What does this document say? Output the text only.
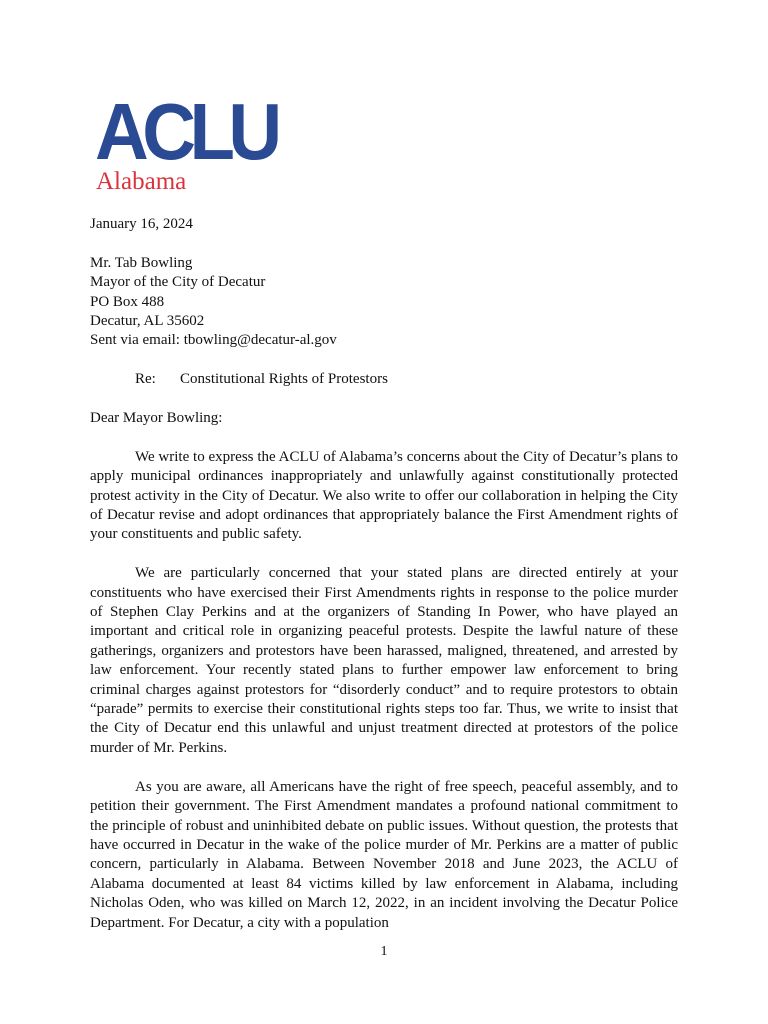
ACLU
Alabama

January 16, 2024

Mr. Tab Bowling
Mayor of the City of Decatur
PO Box 488
Decatur, AL 35602
Sent via email: tbowling@decatur-al.gov

Re: Constitutional Rights of Protestors

Dear Mayor Bowling:

We write to express the ACLU of Alabama’s concerns about the City of Decatur’s plans to apply municipal ordinances inappropriately and unlawfully against constitutionally protected protest activity in the City of Decatur. We also write to offer our collaboration in helping the City of Decatur revise and adopt ordinances that appropriately balance the First Amendment rights of your constituents and public safety.

We are particularly concerned that your stated plans are directed entirely at your constituents who have exercised their First Amendments rights in response to the police murder of Stephen Clay Perkins and at the organizers of Standing In Power, who have played an important and critical role in organizing peaceful protests. Despite the lawful nature of these gatherings, organizers and protestors have been harassed, maligned, threatened, and arrested by law enforcement. Your recently stated plans to further empower law enforcement to bring criminal charges against protestors for “disorderly conduct” and to require protestors to obtain “parade” permits to exercise their constitutional rights steps too far. Thus, we write to insist that the City of Decatur end this unlawful and unjust treatment directed at protestors of the police murder of Mr. Perkins.

As you are aware, all Americans have the right of free speech, peaceful assembly, and to petition their government. The First Amendment mandates a profound national commitment to the principle of robust and uninhibited debate on public issues. Without question, the protests that have occurred in Decatur in the wake of the police murder of Mr. Perkins are a matter of public concern, particularly in Alabama. Between November 2018 and June 2023, the ACLU of Alabama documented at least 84 victims killed by law enforcement in Alabama, including Nicholas Oden, who was killed on March 12, 2022, in an incident involving the Decatur Police Department. For Decatur, a city with a population

1
